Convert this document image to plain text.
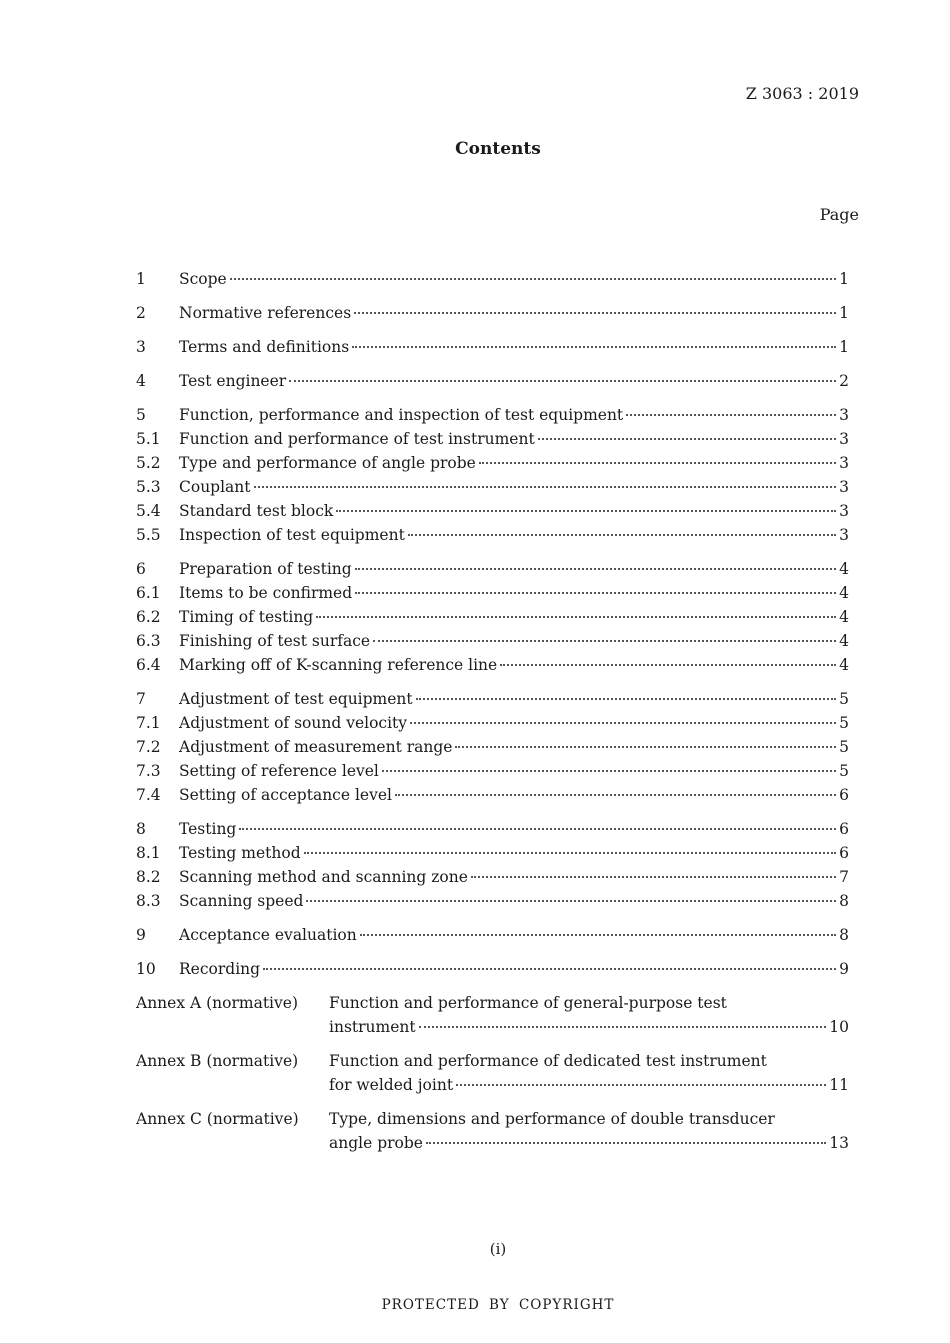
Z 3063 : 2019
Contents
Page
1	Scope	1
2	Normative references	1
3	Terms and definitions	1
4	Test engineer	2
5	Function, performance and inspection of test equipment	3
5.1	Function and performance of test instrument	3
5.2	Type and performance of angle probe	3
5.3	Couplant	3
5.4	Standard test block	3
5.5	Inspection of test equipment	3
6	Preparation of testing	4
6.1	Items to be confirmed	4
6.2	Timing of testing	4
6.3	Finishing of test surface	4
6.4	Marking off of K-scanning reference line	4
7	Adjustment of test equipment	5
7.1	Adjustment of sound velocity	5
7.2	Adjustment of measurement range	5
7.3	Setting of reference level	5
7.4	Setting of acceptance level	6
8	Testing	6
8.1	Testing method	6
8.2	Scanning method and scanning zone	7
8.3	Scanning speed	8
9	Acceptance evaluation	8
10	Recording	9
Annex A (normative)	Function and performance of general-purpose test
instrument	10
Annex B (normative)	Function and performance of dedicated test instrument
for welded joint	11
Annex C (normative)	Type, dimensions and performance of double transducer
angle probe	13
(i)
PROTECTED BY COPYRIGHT
